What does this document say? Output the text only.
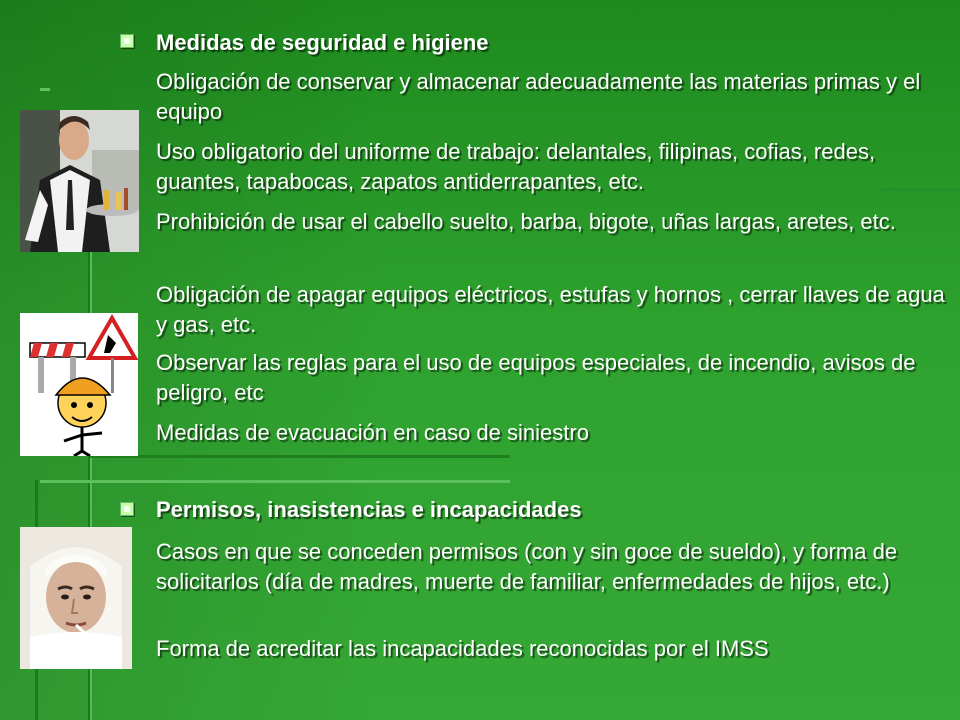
Medidas de seguridad e higiene
Obligación de conservar y almacenar adecuadamente las materias primas y el equipo
Uso obligatorio del uniforme de trabajo: delantales, filipinas, cofias, redes, guantes, tapabocas, zapatos antiderrapantes, etc.
Prohibición de usar el cabello suelto, barba, bigote, uñas largas, aretes, etc.
Obligación de apagar equipos eléctricos, estufas y hornos , cerrar llaves de agua y gas, etc.
Observar las reglas para el uso de equipos especiales, de incendio, avisos de peligro, etc
Medidas de evacuación en caso de siniestro
Permisos, inasistencias e incapacidades
Casos en que se conceden permisos (con y sin goce de sueldo), y forma de solicitarlos (día de madres, muerte de familiar, enfermedades de hijos, etc.)
Forma de acreditar las incapacidades reconocidas por el IMSS
